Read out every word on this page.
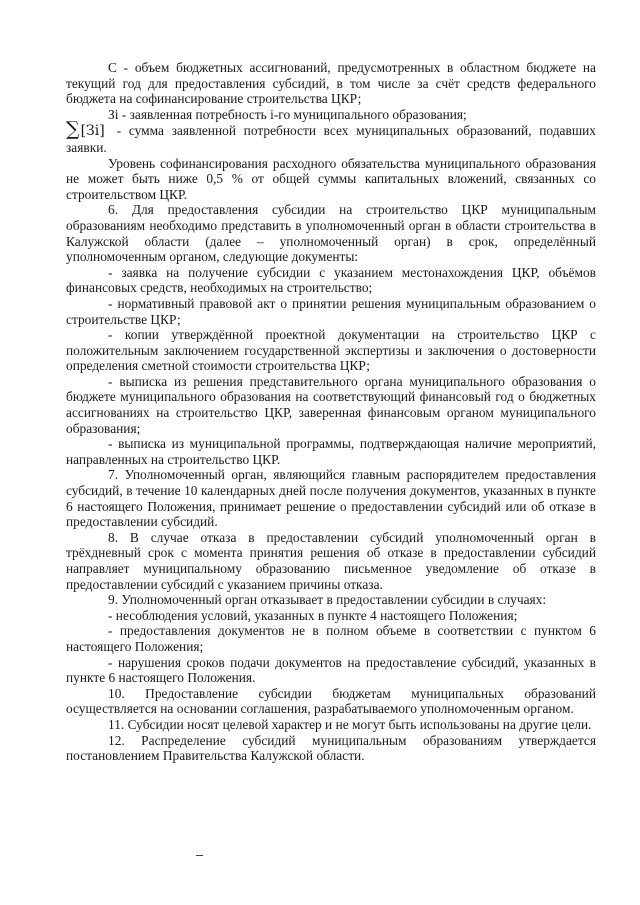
С - объем бюджетных ассигнований, предусмотренных в областном бюджете на текущий год для предоставления субсидий, в том числе за счёт средств федерального бюджета на софинансирование строительства ЦКР;

Зi - заявленная потребность i-го муниципального образования;

∑[Зi] - сумма заявленной потребности всех муниципальных образований, подавших заявки.

Уровень софинансирования расходного обязательства муниципального образования не может быть ниже 0,5 % от общей суммы капитальных вложений, связанных со строительством ЦКР.

6. Для предоставления субсидии на строительство ЦКР муниципальным образованиям необходимо представить в уполномоченный орган в области строительства в Калужской области (далее – уполномоченный орган) в срок, определённый уполномоченным органом, следующие документы:

- заявка на получение субсидии с указанием местонахождения ЦКР, объёмов финансовых средств, необходимых на строительство;

- нормативный правовой акт о принятии решения муниципальным образованием о строительстве ЦКР;

- копии утверждённой проектной документации на строительство ЦКР с положительным заключением государственной экспертизы и заключения о достоверности определения сметной стоимости строительства ЦКР;

- выписка из решения представительного органа муниципального образования о бюджете муниципального образования на соответствующий финансовый год о бюджетных ассигнованиях на строительство ЦКР, заверенная финансовым органом муниципального образования;

- выписка из муниципальной программы, подтверждающая наличие мероприятий, направленных на строительство ЦКР.

7. Уполномоченный орган, являющийся главным распорядителем предоставления субсидий, в течение 10 календарных дней после получения документов, указанных в пункте 6 настоящего Положения, принимает решение о предоставлении субсидий или об отказе в предоставлении субсидий.

8. В случае отказа в предоставлении субсидий уполномоченный орган в трёхдневный срок с момента принятия решения об отказе в предоставлении субсидий направляет муниципальному образованию письменное уведомление об отказе в предоставлении субсидий с указанием причины отказа.

9. Уполномоченный орган отказывает в предоставлении субсидии в случаях:

- несоблюдения условий, указанных в пункте 4 настоящего Положения;

- предоставления документов не в полном объеме в соответствии с пунктом 6 настоящего Положения;

- нарушения сроков подачи документов на предоставление субсидий, указанных в пункте 6 настоящего Положения.

10. Предоставление субсидии бюджетам муниципальных образований осуществляется на основании соглашения, разрабатываемого уполномоченным органом.

11. Субсидии носят целевой характер и не могут быть использованы на другие цели.

12. Распределение субсидий муниципальным образованиям утверждается постановлением Правительства Калужской области.
